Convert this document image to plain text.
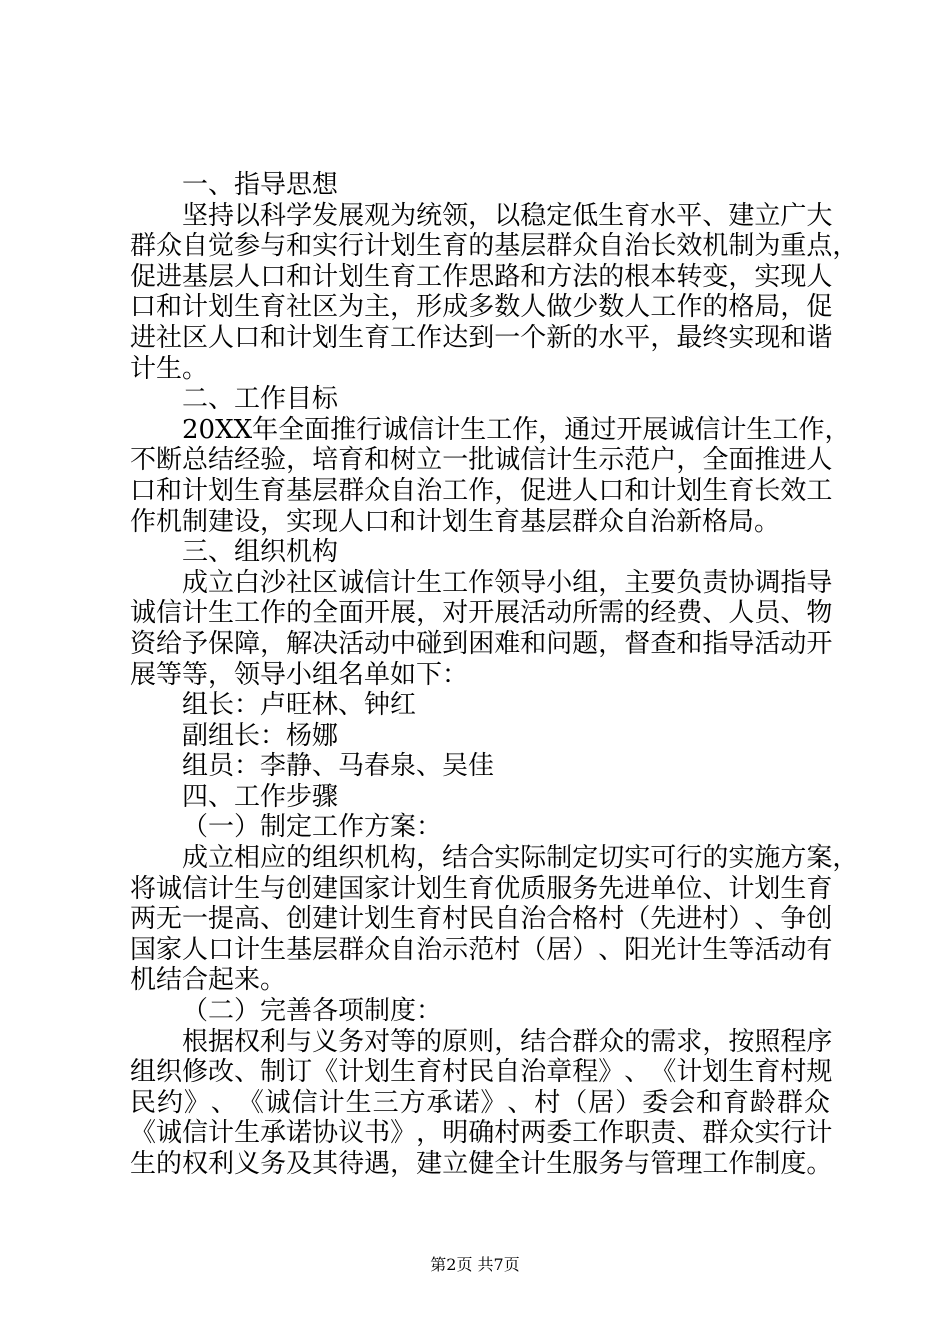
一、指导思想
坚 持 以 科 学 发 展 观 为 统 领 ， 以 稳 定 低 生 育 水 平 、 建 立 广 大
群 众 自 觉 参 与 和 实 行 计 划 生 育 的 基 层 群 众 自 治 长 效 机 制 为 重 点 ，
促 进 基 层 人 口 和 计 划 生 育 工 作 思 路 和 方 法 的 根 本 转 变 ， 实 现 人
口 和 计 划 生 育 社 区 为 主 ， 形 成 多 数 人 做 少 数 人 工 作 的 格 局 ， 促
进 社 区 人 口 和 计 划 生 育 工 作 达 到 一 个 新 的 水 平 ， 最 终 实 现 和 谐
计生。
二、工作目标
20XX 年 全 面 推 行 诚 信 计 生 工 作 ， 通 过 开 展 诚 信 计 生 工 作 ，
不 断 总 结 经 验 ， 培 育 和 树 立 一 批 诚 信 计 生 示 范 户 ， 全 面 推 进 人
口 和 计 划 生 育 基 层 群 众 自 治 工 作 ， 促 进 人 口 和 计 划 生 育 长 效 工
作机制建设，实现人口和计划生育基层群众自治新格局。
三、组织机构
成 立 白 沙 社 区 诚 信 计 生 工 作 领 导 小 组 ， 主 要 负 责 协 调 指 导
诚 信 计 生 工 作 的 全 面 开 展 ， 对 开 展 活 动 所 需 的 经 费 、 人 员 、 物
资 给 予 保 障 ， 解 决 活 动 中 碰 到 困 难 和 问 题 ， 督 查 和 指 导 活 动 开
展等等，领导小组名单如下：
组长：卢旺林、钟红
副组长：杨娜
组员：李静、马春泉、吴佳
四、工作步骤
（一）制定工作方案：
成 立 相 应 的 组 织 机 构 ， 结 合 实 际 制 定 切 实 可 行 的 实 施 方 案 ，
将 诚 信 计 生 与 创 建 国 家 计 划 生 育 优 质 服 务 先 进 单 位 、 计 划 生 育
两 无 一 提 高 、 创 建 计 划 生 育 村 民 自 治 合 格 村 （ 先 进 村 ） 、 争 创
国 家 人 口 计 生 基 层 群 众 自 治 示 范 村 （ 居 ） 、 阳 光 计 生 等 活 动 有
机结合起来。
（二）完善各项制度：
根 据 权 利 与 义 务 对 等 的 原 则 ， 结 合 群 众 的 需 求 ， 按 照 程 序
组 织 修 改 、 制 订 《 计 划 生 育 村 民 自 治 章 程 》 、 《 计 划 生 育 村 规
民 约 》 、 《 诚 信 计 生 三 方 承 诺 》 、 村 （ 居 ） 委 会 和 育 龄 群 众
《 诚 信 计 生 承 诺 协 议 书 》 ， 明 确 村 两 委 工 作 职 责 、 群 众 实 行 计
生 的 权 利 义 务 及 其 待 遇 ， 建 立 健 全 计 生 服 务 与 管 理 工 作 制 度 。
第2页 共7页
